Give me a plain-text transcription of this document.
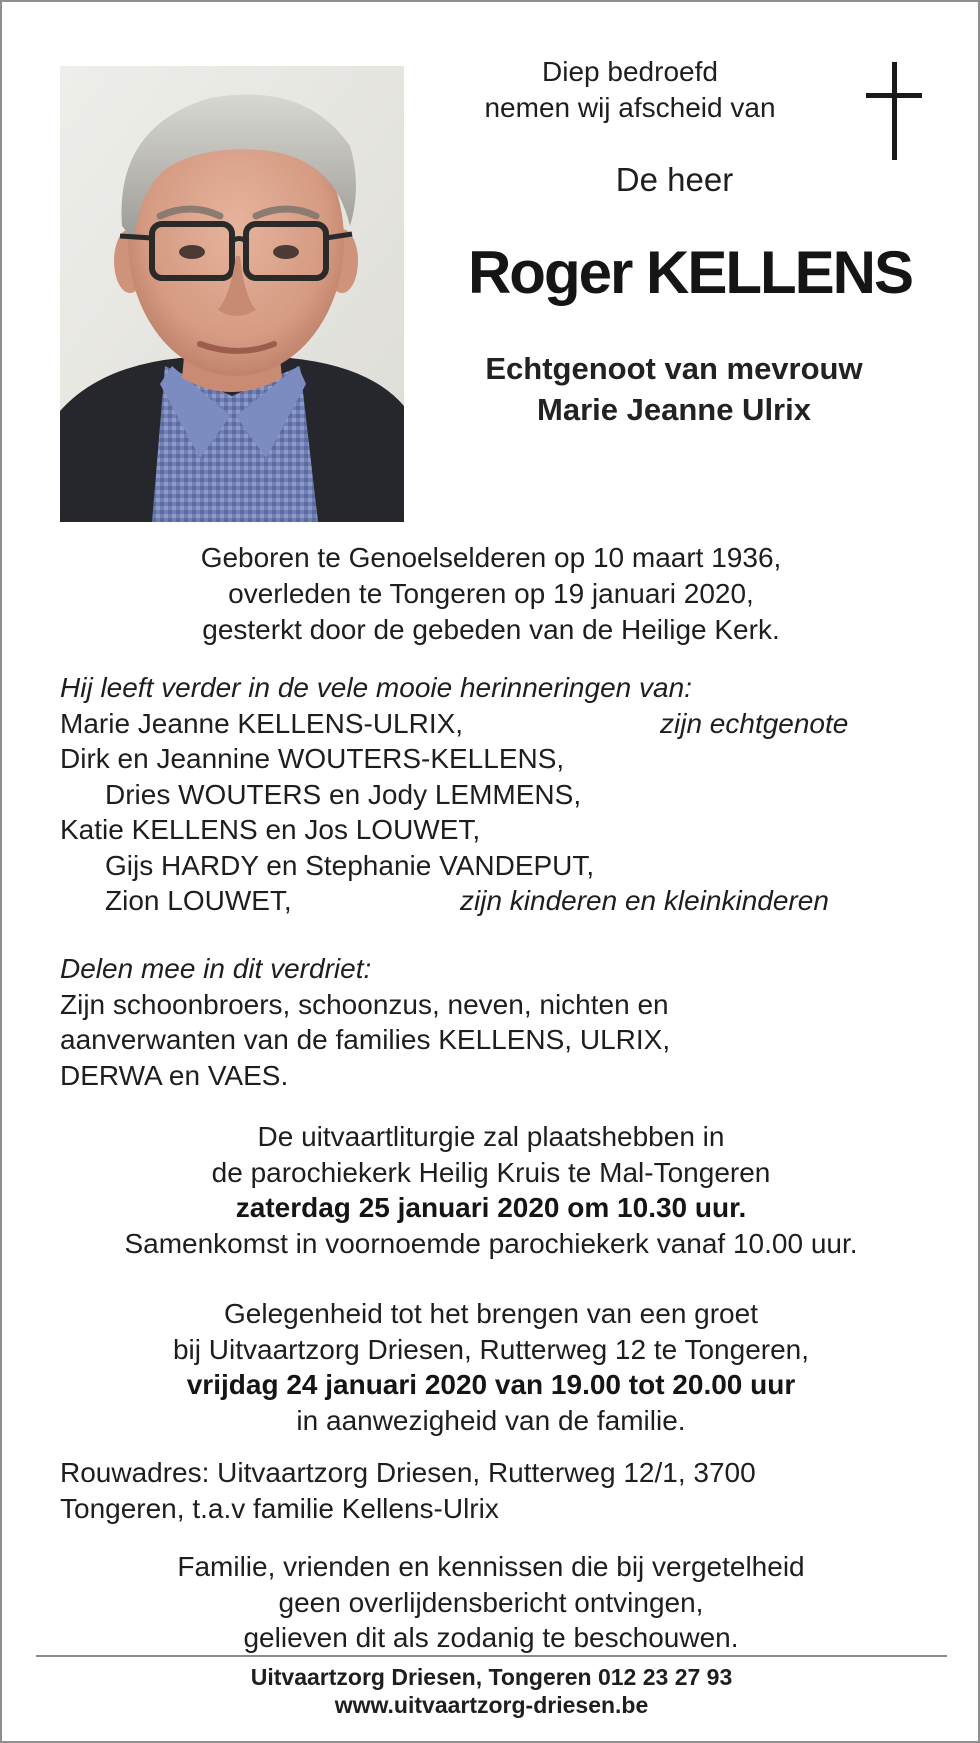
Diep bedroefd
nemen wij afscheid van
De heer
Roger KELLENS
Echtgenoot van mevrouw
Marie Jeanne Ulrix
Geboren te Genoelselderen op 10 maart 1936,
overleden te Tongeren op 19 januari 2020,
gesterkt door de gebeden van de Heilige Kerk.
Hij leeft verder in de vele mooie herinneringen van:
Marie Jeanne KELLENS-ULRIX,	zijn echtgenote
Dirk en Jeannine WOUTERS-KELLENS,
Dries WOUTERS en Jody LEMMENS,
Katie KELLENS en Jos LOUWET,
Gijs HARDY en Stephanie VANDEPUT,
Zion LOUWET,	zijn kinderen en kleinkinderen
Delen mee in dit verdriet:
Zijn schoonbroers, schoonzus, neven, nichten en
aanverwanten van de families KELLENS, ULRIX,
DERWA en VAES.
De uitvaartliturgie zal plaatshebben in
de parochiekerk Heilig Kruis te Mal-Tongeren
zaterdag 25 januari 2020 om 10.30 uur.
Samenkomst in voornoemde parochiekerk vanaf 10.00 uur.
Gelegenheid tot het brengen van een groet
bij Uitvaartzorg Driesen, Rutterweg 12 te Tongeren,
vrijdag 24 januari 2020 van 19.00 tot 20.00 uur
in aanwezigheid van de familie.
Rouwadres: Uitvaartzorg Driesen, Rutterweg 12/1, 3700
Tongeren, t.a.v familie Kellens-Ulrix
Familie, vrienden en kennissen die bij vergetelheid
geen overlijdensbericht ontvingen,
gelieven dit als zodanig te beschouwen.
Uitvaartzorg Driesen, Tongeren 012 23 27 93
www.uitvaartzorg-driesen.be
